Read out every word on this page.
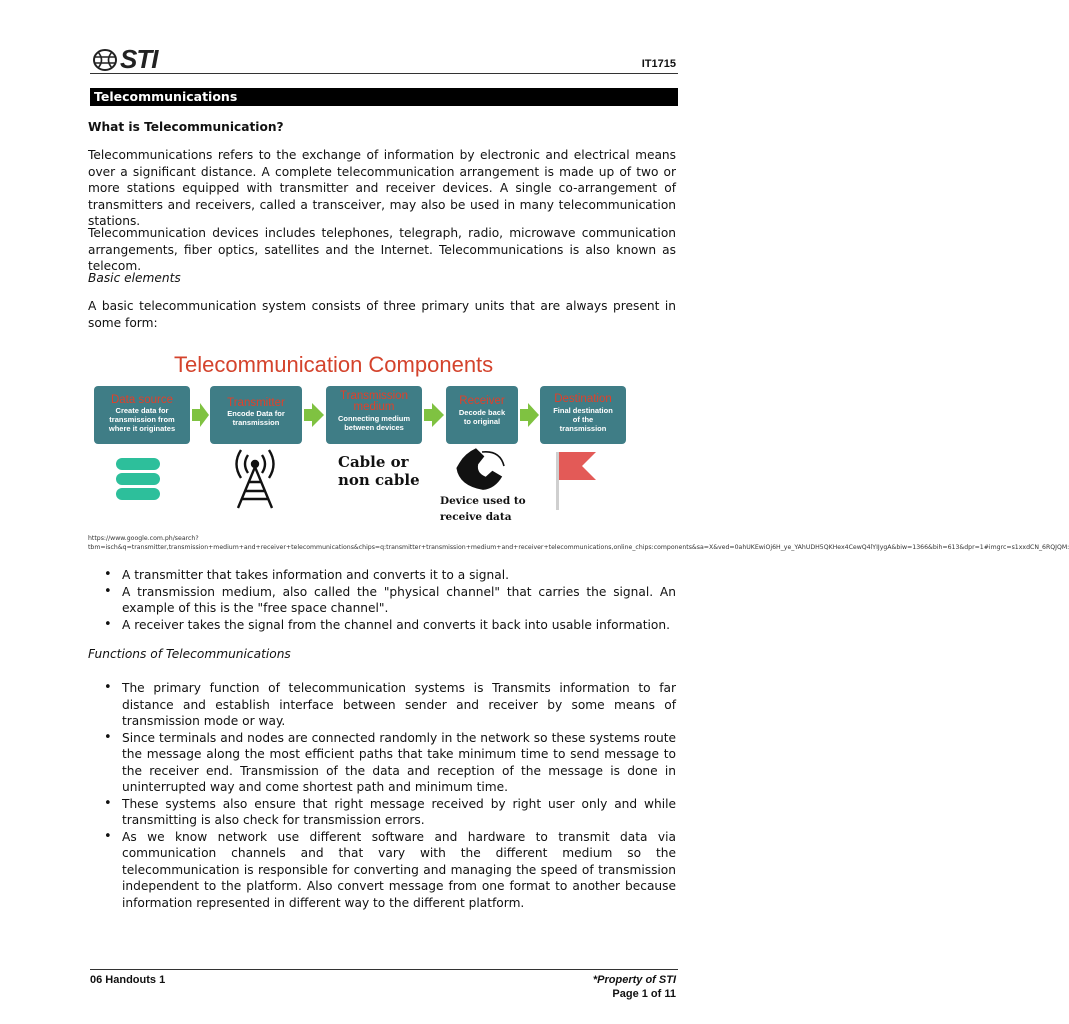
STI	IT1715
Telecommunications
What is Telecommunication?
Telecommunications refers to the exchange of information by electronic and electrical means over a significant distance. A complete telecommunication arrangement is made up of two or more stations equipped with transmitter and receiver devices. A single co-arrangement of transmitters and receivers, called a transceiver, may also be used in many telecommunication stations.
Telecommunication devices includes telephones, telegraph, radio, microwave communication arrangements, fiber optics, satellites and the Internet. Telecommunications is also known as telecom.
Basic elements
A basic telecommunication system consists of three primary units that are always present in some form:
Telecommunication Components
Data source
Create data for
transmission from
where it originates
Transmitter
Encode Data for
transmission
Transmission
medium
Connecting medium
between devices
Receiver
Decode back
to original
Destination
Final destination
of the
transmission
Cable or
non cable
Device used to
receive data
https://www.google.com.ph/search?tbm=isch&q=transmitter,transmission+medium+and+receiver+telecommunications&chips=q:transmitter+transmission+medium+and+receiver+telecommunications,online_chips:components&sa=X&ved=0ahUKEwiOj6H_ye_YAhUDH5QKHex4CewQ4lYIJygA&biw=1366&bih=613&dpr=1#imgrc=s1xxdCN_6RQJQM:
• A transmitter that takes information and converts it to a signal.
• A transmission medium, also called the "physical channel" that carries the signal. An example of this is the "free space channel".
• A receiver takes the signal from the channel and converts it back into usable information.
Functions of Telecommunications
• The primary function of telecommunication systems is Transmits information to far distance and establish interface between sender and receiver by some means of transmission mode or way.
• Since terminals and nodes are connected randomly in the network so these systems route the message along the most efficient paths that take minimum time to send message to the receiver end. Transmission of the data and reception of the message is done in uninterrupted way and come shortest path and minimum time.
• These systems also ensure that right message received by right user only and while transmitting is also check for transmission errors.
• As we know network use different software and hardware to transmit data via communication channels and that vary with the different medium so the telecommunication is responsible for converting and managing the speed of transmission independent to the platform. Also convert message from one format to another because information represented in different way to the different platform.
06 Handouts 1	*Property of STI
Page 1 of 11
